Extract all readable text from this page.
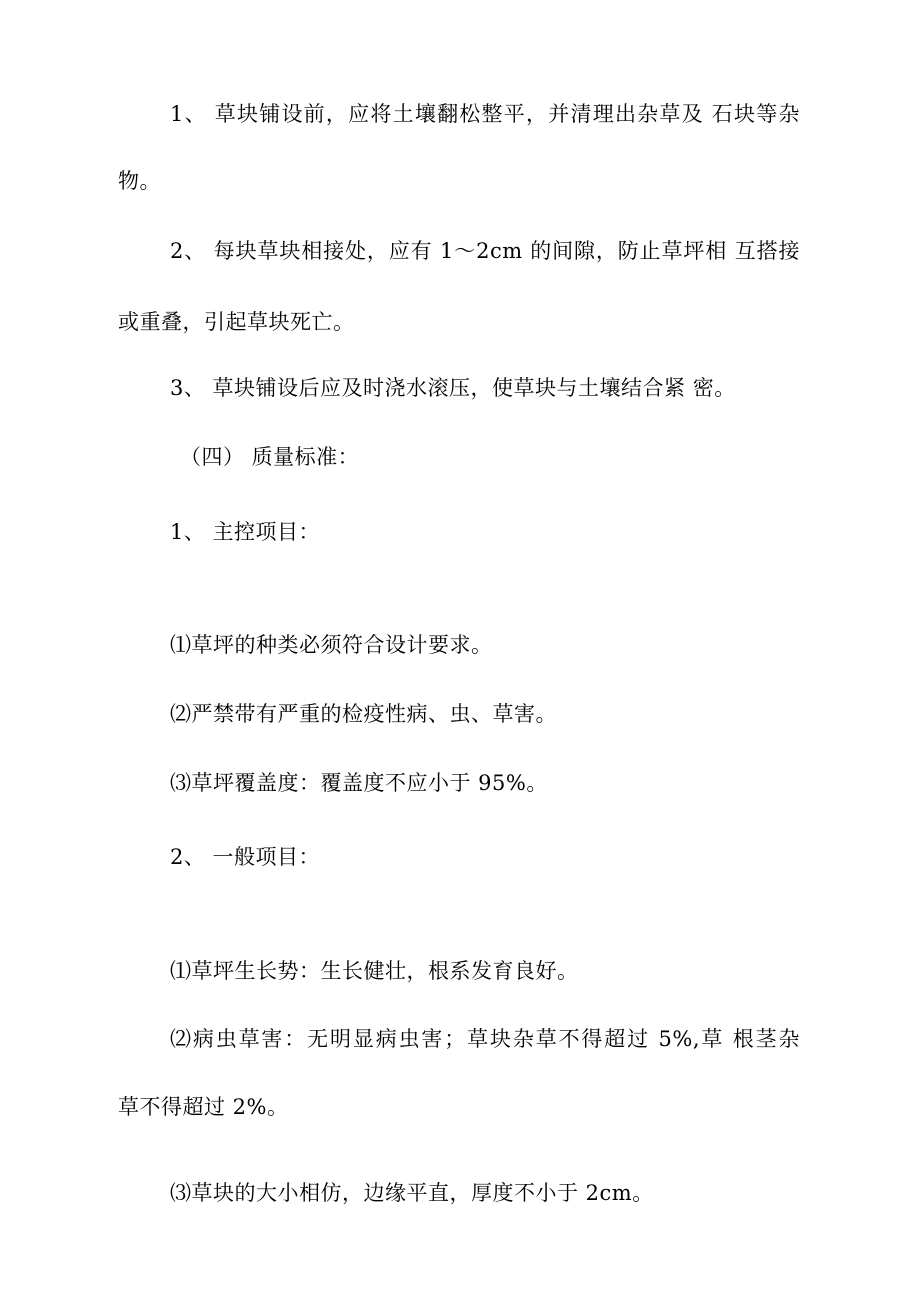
1、 草块铺设前，应将土壤翻松整平，并清理出杂草及 石块等杂
物。
2、 每块草块相接处，应有 1～2cm 的间隙，防止草坪相 互搭接
或重叠，引起草块死亡。
3、 草块铺设后应及时浇水滚压，使草块与土壤结合紧 密。
（四） 质量标准：
1、 主控项目：
⑴草坪的种类必须符合设计要求。
⑵严禁带有严重的检疫性病、虫、草害。
⑶草坪覆盖度：覆盖度不应小于 95%。
2、 一般项目：
⑴草坪生长势：生长健壮，根系发育良好。
⑵病虫草害：无明显病虫害；草块杂草不得超过 5%,草 根茎杂
草不得超过 2%。
⑶草块的大小相仿，边缘平直，厚度不小于 2cm。
